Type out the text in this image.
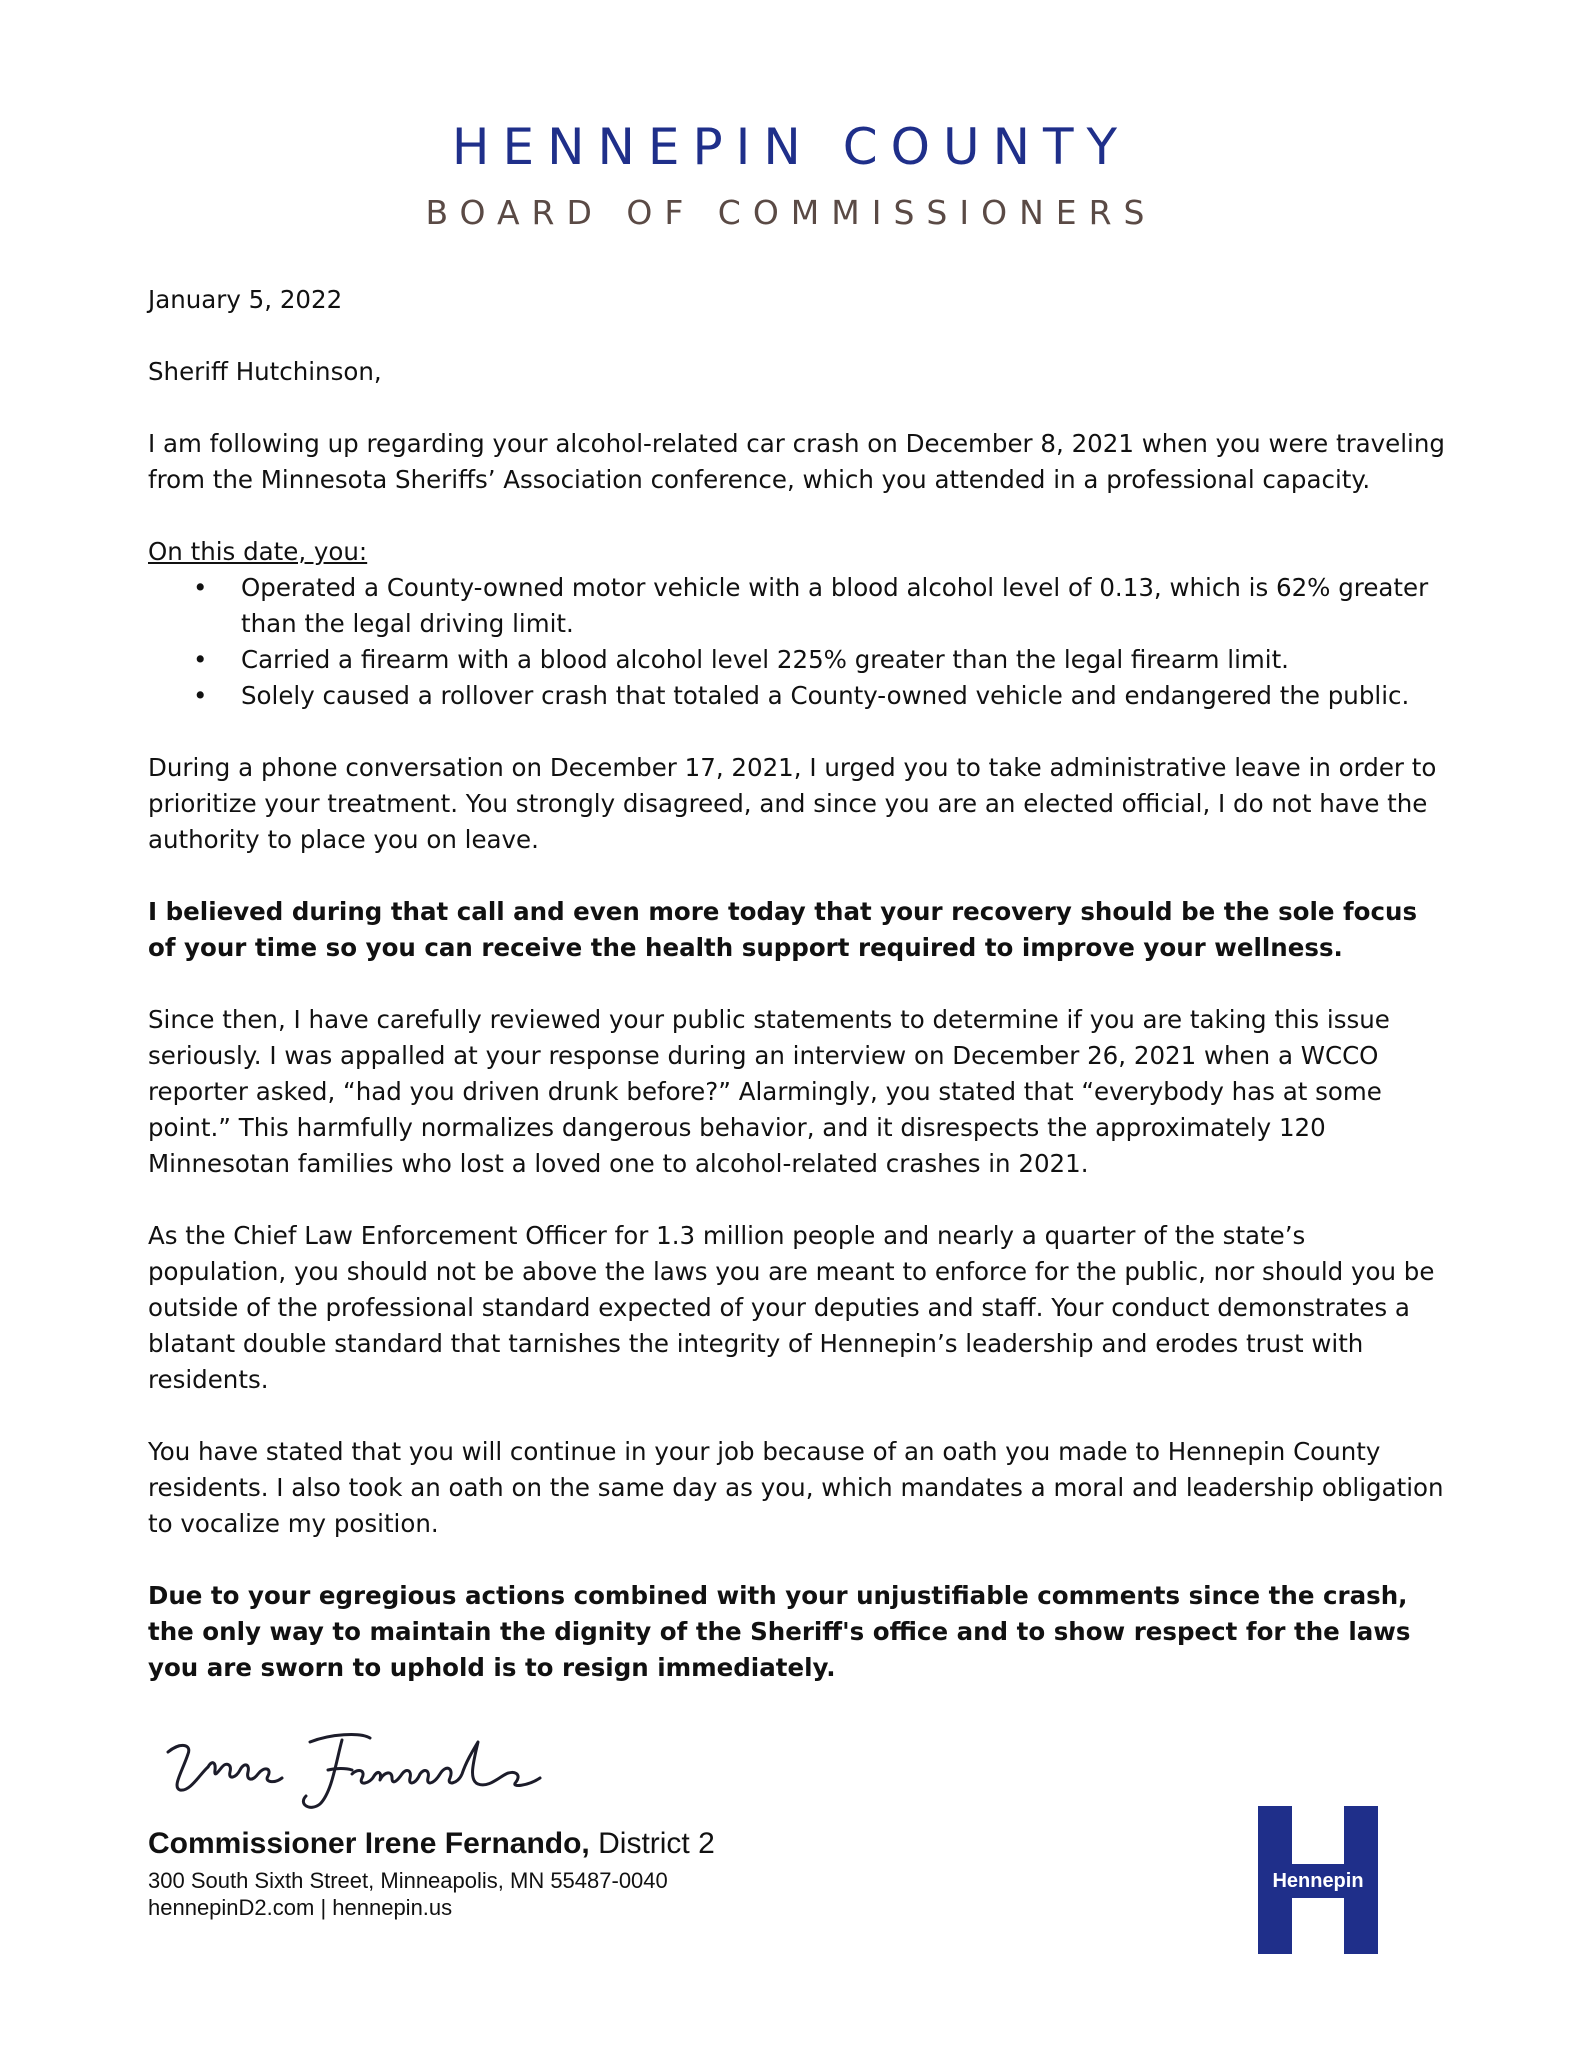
HENNEPIN COUNTY
BOARD OF COMMISSIONERS

January 5, 2022

Sheriff Hutchinson,

I am following up regarding your alcohol-related car crash on December 8, 2021 when you were traveling from the Minnesota Sheriffs’ Association conference, which you attended in a professional capacity.

On this date, you:

• Operated a County-owned motor vehicle with a blood alcohol level of 0.13, which is 62% greater than the legal driving limit.
• Carried a firearm with a blood alcohol level 225% greater than the legal firearm limit.
• Solely caused a rollover crash that totaled a County-owned vehicle and endangered the public.

During a phone conversation on December 17, 2021, I urged you to take administrative leave in order to prioritize your treatment. You strongly disagreed, and since you are an elected official, I do not have the authority to place you on leave.

I believed during that call and even more today that your recovery should be the sole focus of your time so you can receive the health support required to improve your wellness.

Since then, I have carefully reviewed your public statements to determine if you are taking this issue seriously. I was appalled at your response during an interview on December 26, 2021 when a WCCO reporter asked, “had you driven drunk before?” Alarmingly, you stated that “everybody has at some point.” This harmfully normalizes dangerous behavior, and it disrespects the approximately 120 Minnesotan families who lost a loved one to alcohol-related crashes in 2021.

As the Chief Law Enforcement Officer for 1.3 million people and nearly a quarter of the state’s population, you should not be above the laws you are meant to enforce for the public, nor should you be outside of the professional standard expected of your deputies and staff. Your conduct demonstrates a blatant double standard that tarnishes the integrity of Hennepin’s leadership and erodes trust with residents.

You have stated that you will continue in your job because of an oath you made to Hennepin County residents. I also took an oath on the same day as you, which mandates a moral and leadership obligation to vocalize my position.

Due to your egregious actions combined with your unjustifiable comments since the crash, the only way to maintain the dignity of the Sheriff's office and to show respect for the laws you are sworn to uphold is to resign immediately.

Commissioner Irene Fernando, District 2
300 South Sixth Street, Minneapolis, MN 55487-0040
hennepinD2.com | hennepin.us
Hennepin
